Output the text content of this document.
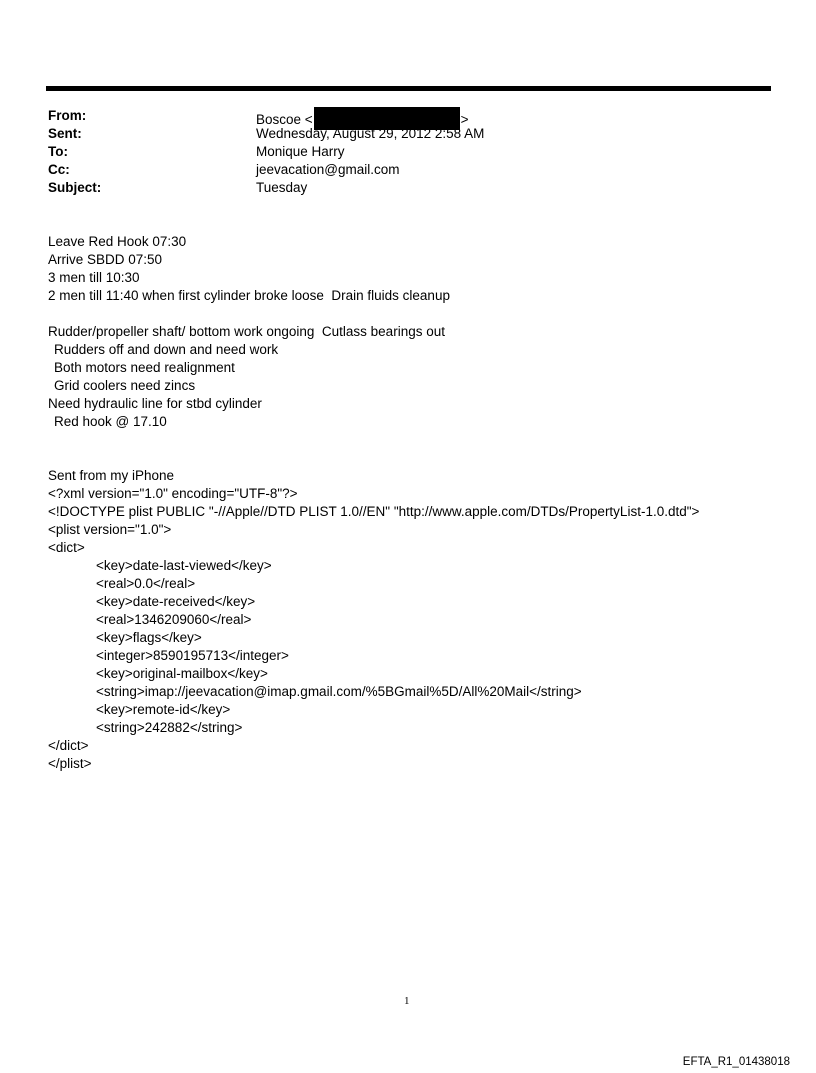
From:	Boscoe <	>
Sent:	Wednesday, August 29, 2012 2:58 AM
To:	Monique Harry
Cc:	jeevacation@gmail.com
Subject:	Tuesday
Leave Red Hook 07:30
Arrive SBDD 07:50
3 men till 10:30
2 men till 11:40 when first cylinder broke loose  Drain fluids cleanup
Rudder/propeller shaft/ bottom work ongoing  Cutlass bearings out
Rudders off and down and need work
Both motors need realignment
Grid coolers need zincs
Need hydraulic line for stbd cylinder
Red hook @ 17.10
Sent from my iPhone
<?xml version="1.0" encoding="UTF-8"?>
<!DOCTYPE plist PUBLIC "-//Apple//DTD PLIST 1.0//EN" "http://www.apple.com/DTDs/PropertyList-1.0.dtd">
<plist version="1.0">
<dict>
<key>date-last-viewed</key>
<real>0.0</real>
<key>date-received</key>
<real>1346209060</real>
<key>flags</key>
<integer>8590195713</integer>
<key>original-mailbox</key>
<string>imap://jeevacation@imap.gmail.com/%5BGmail%5D/All%20Mail</string>
<key>remote-id</key>
<string>242882</string>
</dict>
</plist>
1
EFTA_R1_01438018
